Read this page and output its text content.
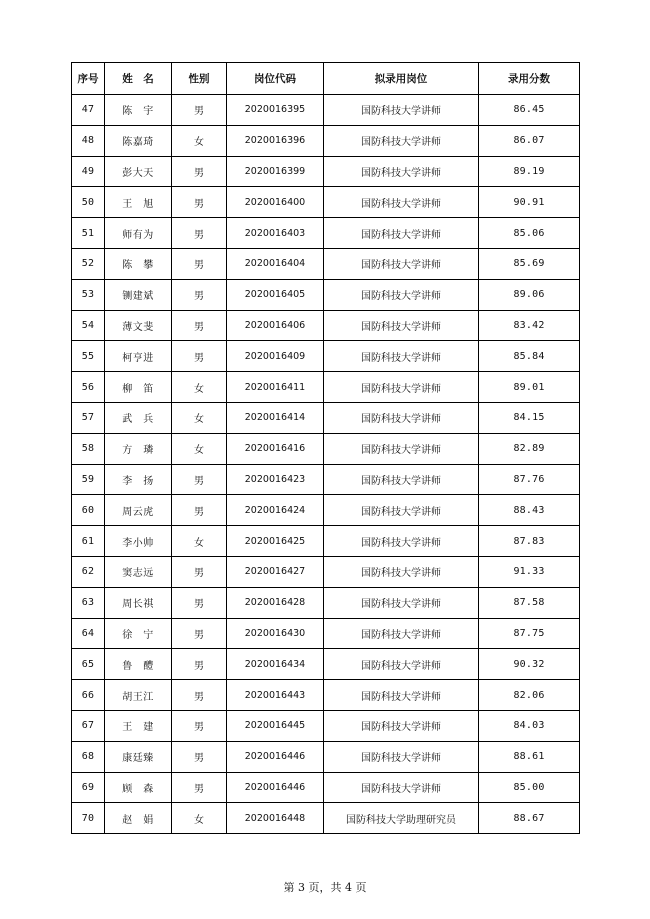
序号	姓　名	性别	岗位代码	拟录用岗位	录用分数
47	陈　宇	男	2020016395	国防科技大学讲师	86.45
48	陈嘉琦	女	2020016396	国防科技大学讲师	86.07
49	彭大天	男	2020016399	国防科技大学讲师	89.19
50	王　旭	男	2020016400	国防科技大学讲师	90.91
51	师有为	男	2020016403	国防科技大学讲师	85.06
52	陈　攀	男	2020016404	国防科技大学讲师	85.69
53	铡建斌	男	2020016405	国防科技大学讲师	89.06
54	薄文斐	男	2020016406	国防科技大学讲师	83.42
55	柯亨进	男	2020016409	国防科技大学讲师	85.84
56	柳　笛	女	2020016411	国防科技大学讲师	89.01
57	武　兵	女	2020016414	国防科技大学讲师	84.15
58	方　璘	女	2020016416	国防科技大学讲师	82.89
59	李　扬	男	2020016423	国防科技大学讲师	87.76
60	周云虎	男	2020016424	国防科技大学讲师	88.43
61	李小帅	女	2020016425	国防科技大学讲师	87.83
62	窦志远	男	2020016427	国防科技大学讲师	91.33
63	周长祺	男	2020016428	国防科技大学讲师	87.58
64	徐　宁	男	2020016430	国防科技大学讲师	87.75
65	鲁　醴	男	2020016434	国防科技大学讲师	90.32
66	胡王江	男	2020016443	国防科技大学讲师	82.06
67	王　建	男	2020016445	国防科技大学讲师	84.03
68	康廷臻	男	2020016446	国防科技大学讲师	88.61
69	顾　森	男	2020016446	国防科技大学讲师	85.00
70	赵　娟	女	2020016448	国防科技大学助理研究员	88.67
第 3 页，共 4 页
